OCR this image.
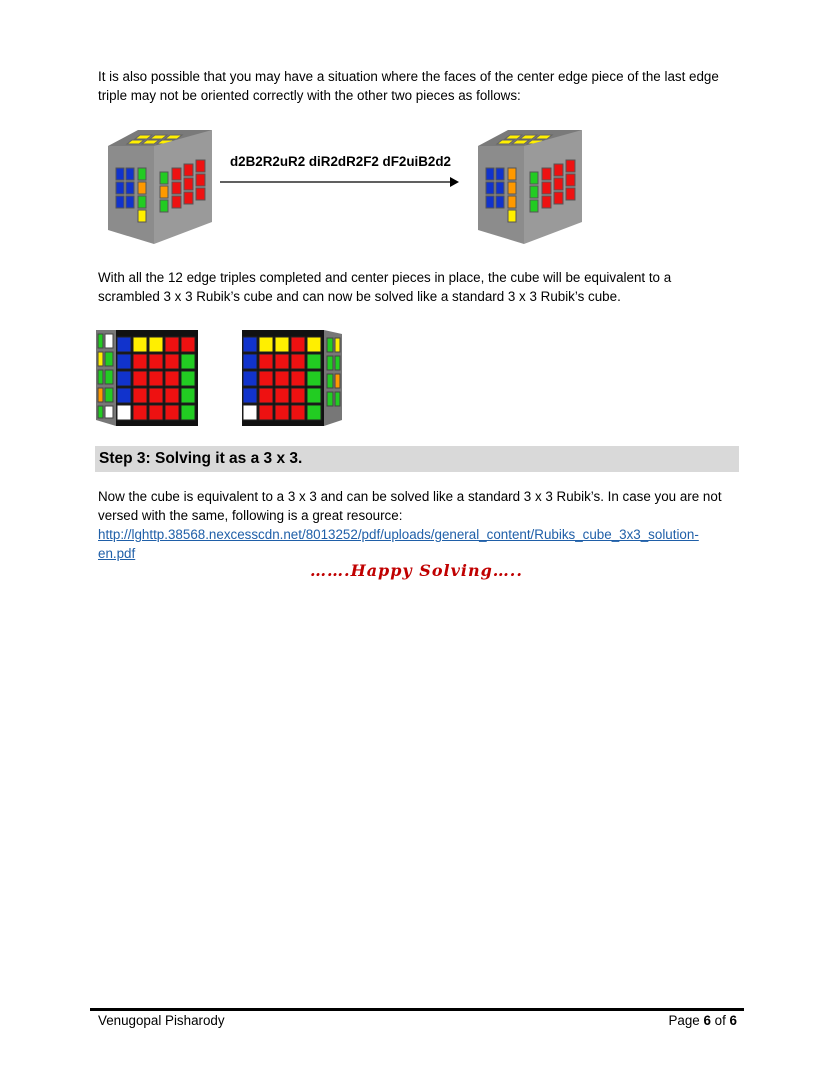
It is also possible that you may have a situation where the faces of the center edge piece of the last edge
triple may not be oriented correctly with the other two pieces as follows:
d2B2R2uR2 diR2dR2F2 dF2uiB2d2
With all the 12 edge triples completed and center pieces in place, the cube will be equivalent to a
scrambled 3 x 3 Rubik’s cube and can now be solved like a standard 3 x 3 Rubik’s cube.
Step 3: Solving it as a 3 x 3.
Now the cube is equivalent to a 3 x 3 and can be solved like a standard 3 x 3 Rubik’s. In case you are not
versed with the same, following is a great resource:
http://lghttp.38568.nexcesscdn.net/8013252/pdf/uploads/general_content/Rubiks_cube_3x3_solution-
en.pdf
…….Happy Solving…..
Venugopal Pisharody	Page 6 of 6
